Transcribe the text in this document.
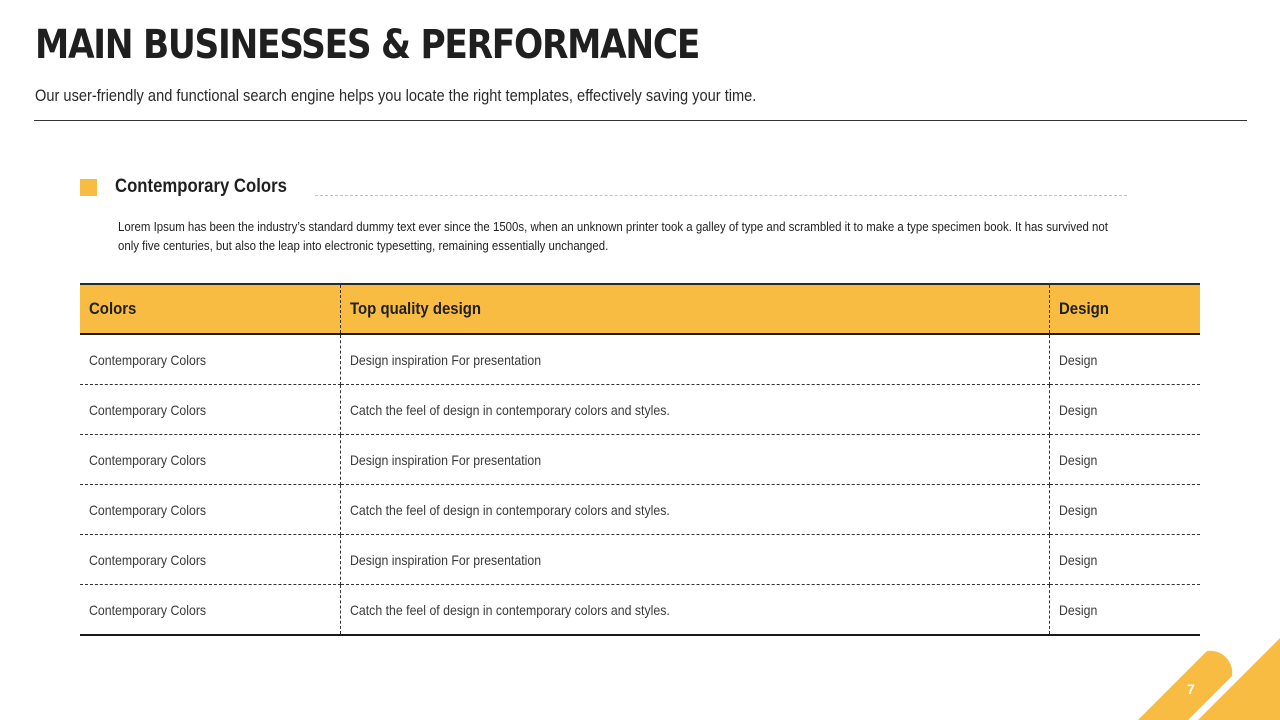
MAIN BUSINESSES & PERFORMANCE
Our user-friendly and functional search engine helps you locate the right templates, effectively saving your time.
Contemporary Colors
Lorem Ipsum has been the industry’s standard dummy text ever since the 1500s, when an unknown printer took a galley of type and scrambled it to make a type specimen book. It has survived not only five centuries, but also the leap into electronic typesetting, remaining essentially unchanged.
Colors	Top quality design	Design
Contemporary Colors	Design inspiration For presentation	Design
Contemporary Colors	Catch the feel of design in contemporary colors and styles.	Design
Contemporary Colors	Design inspiration For presentation	Design
Contemporary Colors	Catch the feel of design in contemporary colors and styles.	Design
Contemporary Colors	Design inspiration For presentation	Design
Contemporary Colors	Catch the feel of design in contemporary colors and styles.	Design
7
